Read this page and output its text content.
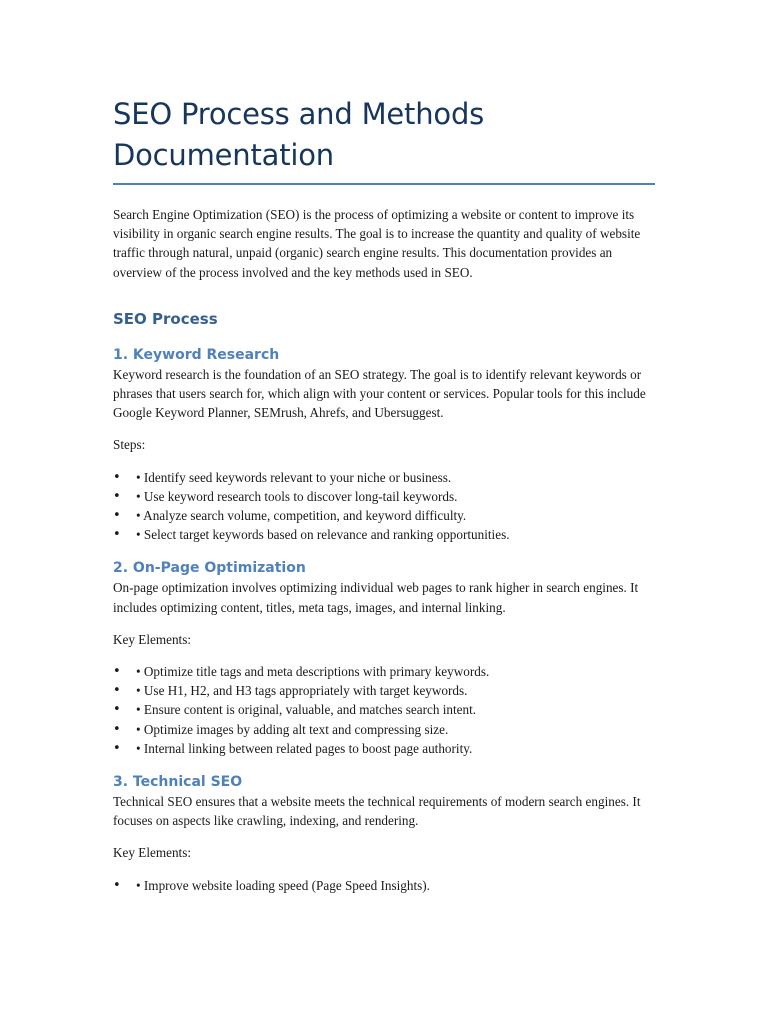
SEO Process and Methods
Documentation

Search Engine Optimization (SEO) is the process of optimizing a website or content to improve its visibility in organic search engine results. The goal is to increase the quantity and quality of website traffic through natural, unpaid (organic) search engine results. This documentation provides an overview of the process involved and the key methods used in SEO.

SEO Process
1. Keyword Research

Keyword research is the foundation of an SEO strategy. The goal is to identify relevant keywords or phrases that users search for, which align with your content or services. Popular tools for this include Google Keyword Planner, SEMrush, Ahrefs, and Ubersuggest.

Steps:

• • Identify seed keywords relevant to your niche or business.
• • Use keyword research tools to discover long-tail keywords.
• • Analyze search volume, competition, and keyword difficulty.
• • Select target keywords based on relevance and ranking opportunities.
2. On-Page Optimization

On-page optimization involves optimizing individual web pages to rank higher in search engines. It includes optimizing content, titles, meta tags, images, and internal linking.

Key Elements:

• • Optimize title tags and meta descriptions with primary keywords.
• • Use H1, H2, and H3 tags appropriately with target keywords.
• • Ensure content is original, valuable, and matches search intent.
• • Optimize images by adding alt text and compressing size.
• • Internal linking between related pages to boost page authority.
3. Technical SEO

Technical SEO ensures that a website meets the technical requirements of modern search engines. It focuses on aspects like crawling, indexing, and rendering.

Key Elements:

• • Improve website loading speed (Page Speed Insights).
